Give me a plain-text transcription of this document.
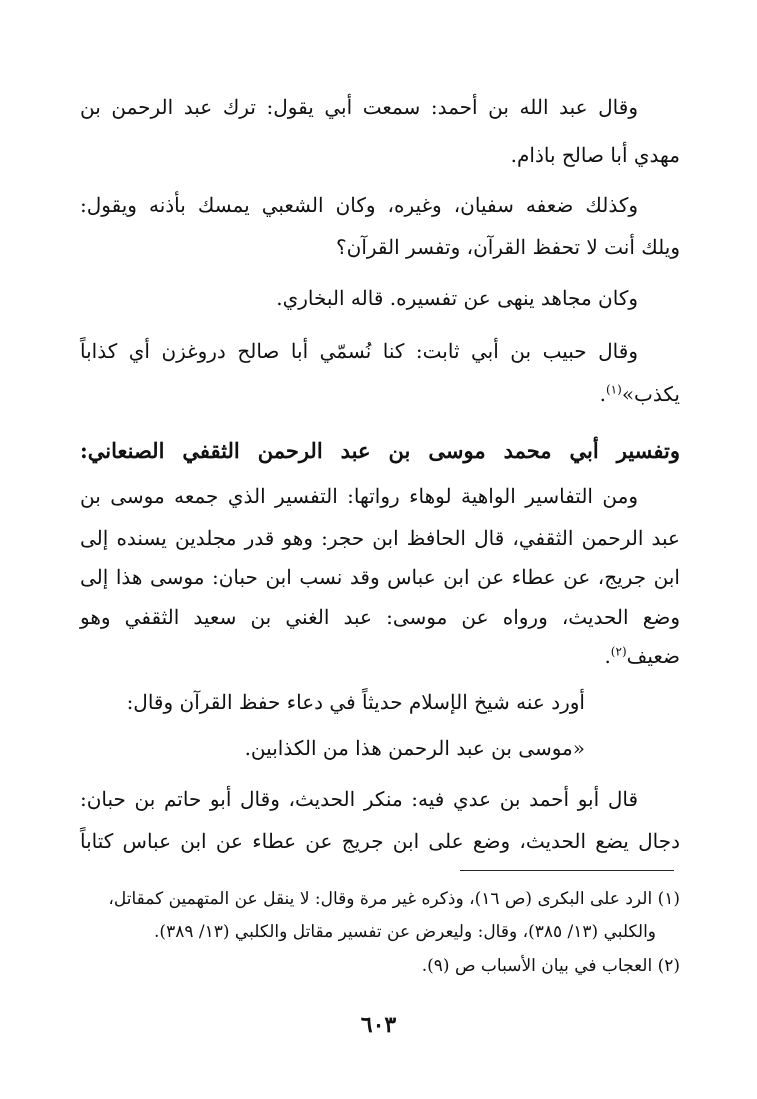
وقال عبد الله بن أحمد: سمعت أبي يقول: ترك عبد الرحمن بن
مهدي أبا صالح باذام.
وكذلك ضعفه سفيان، وغيره، وكان الشعبي يمسك بأذنه ويقول:
ويلك أنت لا تحفظ القرآن، وتفسر القرآن؟
وكان مجاهد ينهى عن تفسيره. قاله البخاري.
وقال حبيب بن أبي ثابت: كنا نُسمّي أبا صالح دروغزن أي كذاباً
يكذب»$^{(١)}$.
وتفسير أبي محمد موسى بن عبد الرحمن الثقفي الصنعاني:
ومن التفاسير الواهية لوهاء رواتها: التفسير الذي جمعه موسى بن
عبد الرحمن الثقفي، قال الحافظ ابن حجر: وهو قدر مجلدين يسنده إلى
ابن جريج، عن عطاء عن ابن عباس وقد نسب ابن حبان: موسى هذا إلى
وضع الحديث، ورواه عن موسى: عبد الغني بن سعيد الثقفي وهو
ضعيف$^{(٢)}$.
أورد عنه شيخ الإسلام حديثاً في دعاء حفظ القرآن وقال:
«موسى بن عبد الرحمن هذا من الكذابين.
قال أبو أحمد بن عدي فيه: منكر الحديث، وقال أبو حاتم بن حبان:
دجال يضع الحديث، وضع على ابن جريج عن عطاء عن ابن عباس كتاباً
(١) الرد على البكرى (ص ١٦)، وذكره غير مرة وقال: لا ينقل عن المتهمين كمقاتل،
والكلبي (١٣/ ٣٨٥)، وقال: وليعرض عن تفسير مقاتل والكلبي (١٣/ ٣٨٩).
(٢) العجاب في بيان الأسباب ص (٩).
٦٠٣
